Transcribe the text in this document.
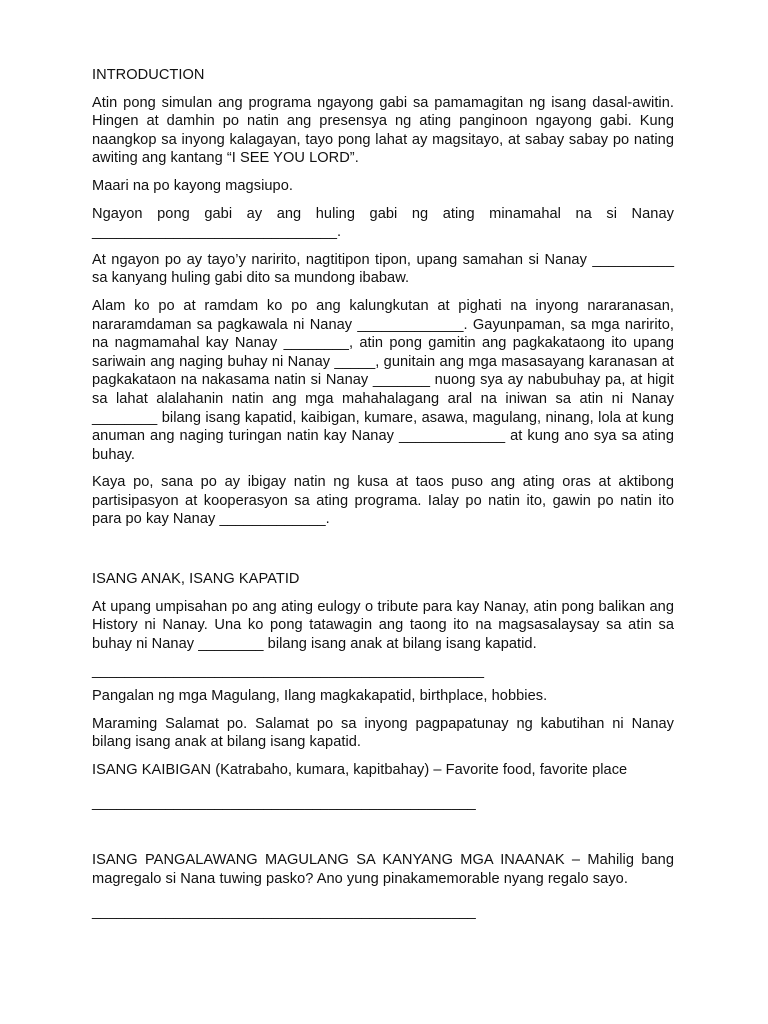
INTRODUCTION

Atin pong simulan ang programa ngayong gabi sa pamamagitan ng isang dasal-awitin. Hingen at damhin po natin ang presensya ng ating panginoon ngayong gabi. Kung naangkop sa inyong kalagayan, tayo pong lahat ay magsitayo, at sabay sabay po nating awiting ang kantang “I SEE YOU LORD”.

Maari na po kayong magsiupo.

Ngayon pong gabi ay ang huling gabi ng ating minamahal na si Nanay ______________________________.

At ngayon po ay tayo’y naririto, nagtitipon tipon, upang samahan si Nanay __________ sa kanyang huling gabi dito sa mundong ibabaw.

Alam ko po at ramdam ko po ang kalungkutan at pighati na inyong nararanasan, nararamdaman sa pagkawala ni Nanay _____________. Gayunpaman, sa mga naririto, na nagmamahal kay Nanay ________, atin pong gamitin ang pagkakataong ito upang sariwain ang naging buhay ni Nanay _____, gunitain ang mga masasayang karanasan at pagkakataon na nakasama natin si Nanay _______ nuong sya ay nabubuhay pa, at higit sa lahat alalahanin natin ang mga mahahalagang aral na iniwan sa atin ni Nanay ________ bilang isang kapatid, kaibigan, kumare, asawa, magulang, ninang, lola at kung anuman ang naging turingan natin kay Nanay _____________ at kung ano sya sa ating buhay.

Kaya po, sana po ay ibigay natin ng kusa at taos puso ang ating oras at aktibong partisipasyon at kooperasyon sa ating programa. Ialay po natin ito, gawin po natin ito para po kay Nanay _____________.

ISANG ANAK, ISANG KAPATID

At upang umpisahan po ang ating eulogy o tribute para kay Nanay, atin pong balikan ang History ni Nanay. Una ko pong tatawagin ang taong ito na magsasalaysay sa atin sa buhay ni Nanay ________ bilang isang anak at bilang isang kapatid.

________________________________________________

Pangalan ng mga Magulang, Ilang magkakapatid, birthplace, hobbies.

Maraming Salamat po. Salamat po sa inyong pagpapatunay ng kabutihan ni Nanay bilang isang anak at bilang isang kapatid.

ISANG KAIBIGAN (Katrabaho, kumara, kapitbahay) – Favorite food, favorite place

_______________________________________________

ISANG PANGALAWANG MAGULANG SA KANYANG MGA INAANAK – Mahilig bang magregalo si Nana tuwing pasko? Ano yung pinakamemorable nyang regalo sayo.

_______________________________________________
